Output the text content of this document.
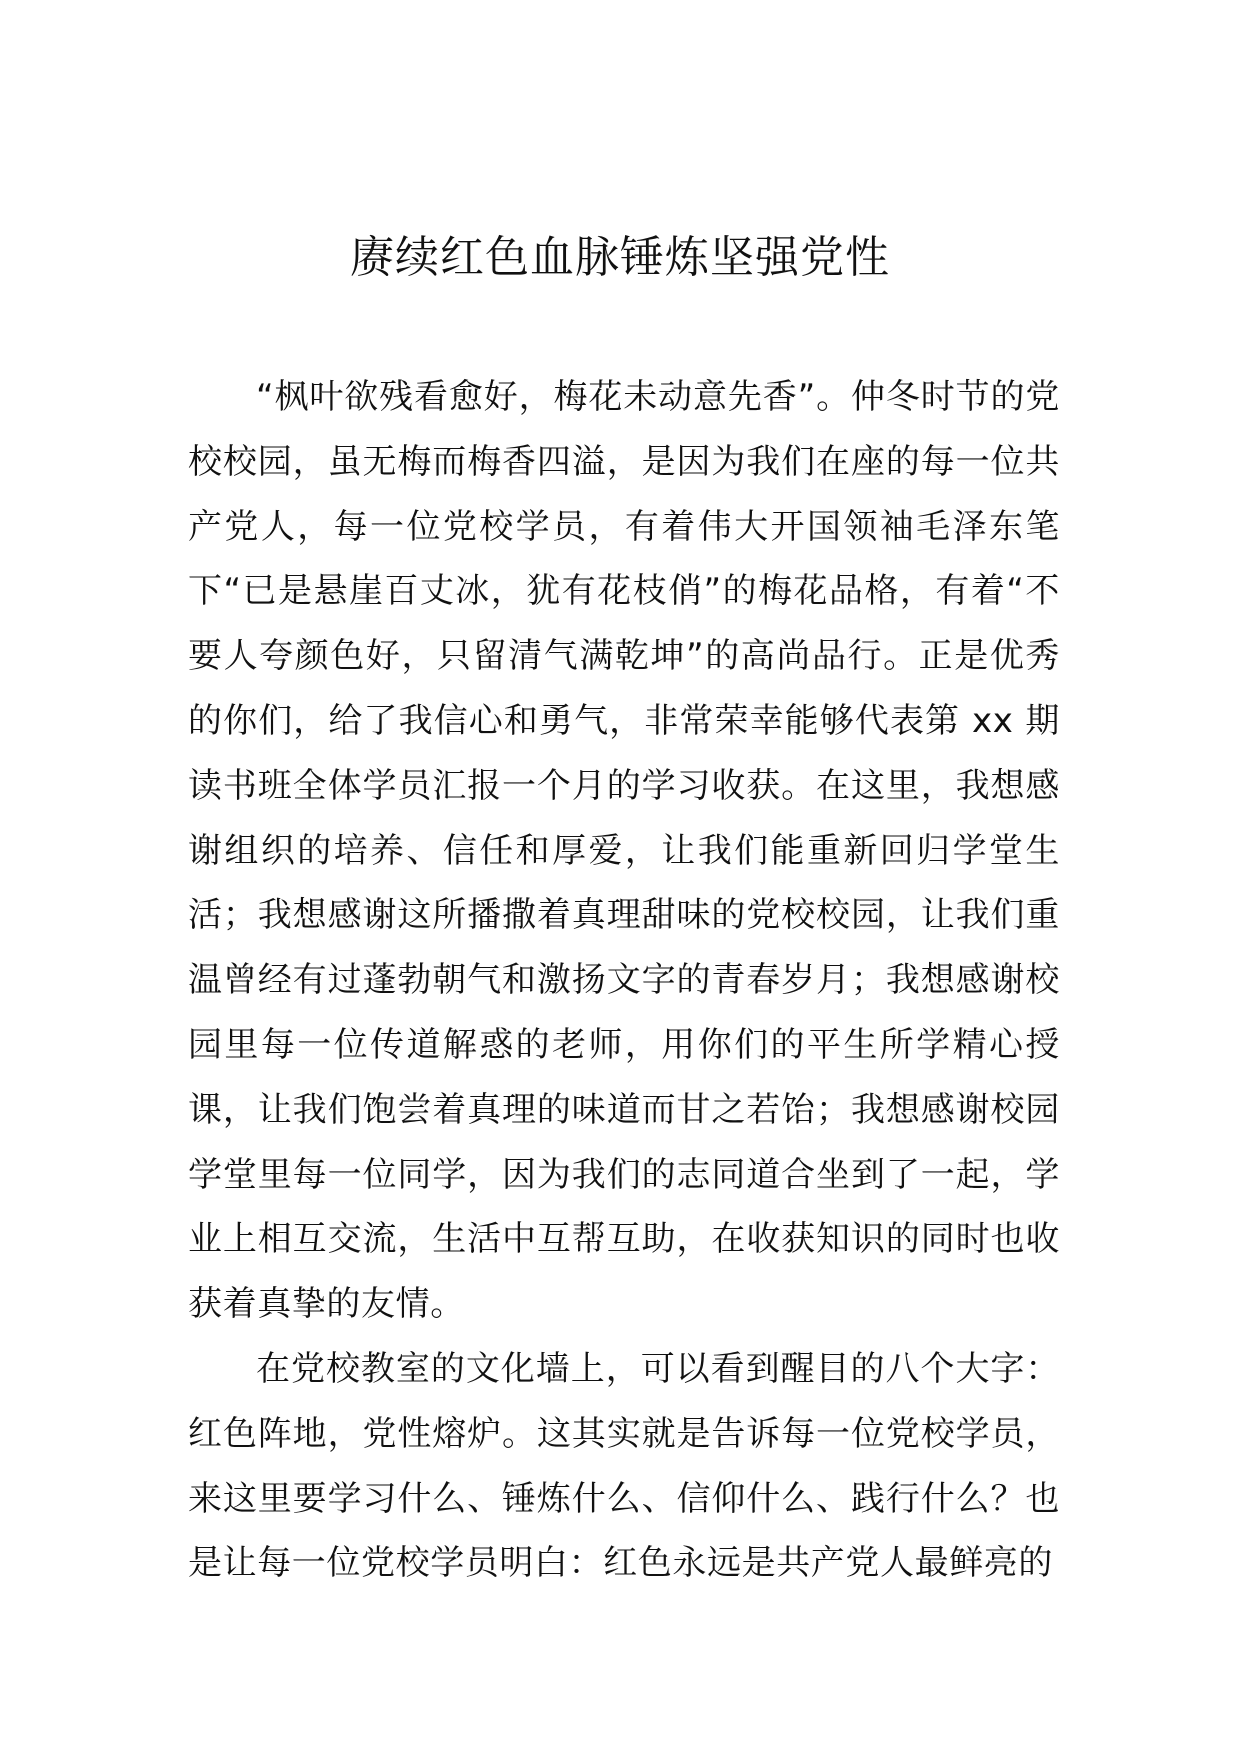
赓续红色血脉锤炼坚强党性

“枫叶欲残看愈好，梅花未动意先香”。仲冬时节的党校校园，虽无梅而梅香四溢，是因为我们在座的每一位共产党人，每一位党校学员，有着伟大开国领袖毛泽东笔下“已是悬崖百丈冰，犹有花枝俏”的梅花品格，有着“不要人夸颜色好，只留清气满乾坤”的高尚品行。正是优秀的你们，给了我信心和勇气，非常荣幸能够代表第 xx 期读书班全体学员汇报一个月的学习收获。在这里，我想感谢组织的培养、信任和厚爱，让我们能重新回归学堂生活；我想感谢这所播撒着真理甜味的党校校园，让我们重温曾经有过蓬勃朝气和激扬文字的青春岁月；我想感谢校园里每一位传道解惑的老师，用你们的平生所学精心授课，让我们饱尝着真理的味道而甘之若饴；我想感谢校园学堂里每一位同学，因为我们的志同道合坐到了一起，学业上相互交流，生活中互帮互助，在收获知识的同时也收获着真挚的友情。

在党校教室的文化墙上，可以看到醒目的八个大字：红色阵地，党性熔炉。这其实就是告诉每一位党校学员，来这里要学习什么、锤炼什么、信仰什么、践行什么？也是让每一位党校学员明白：红色永远是共产党人最鲜亮的
